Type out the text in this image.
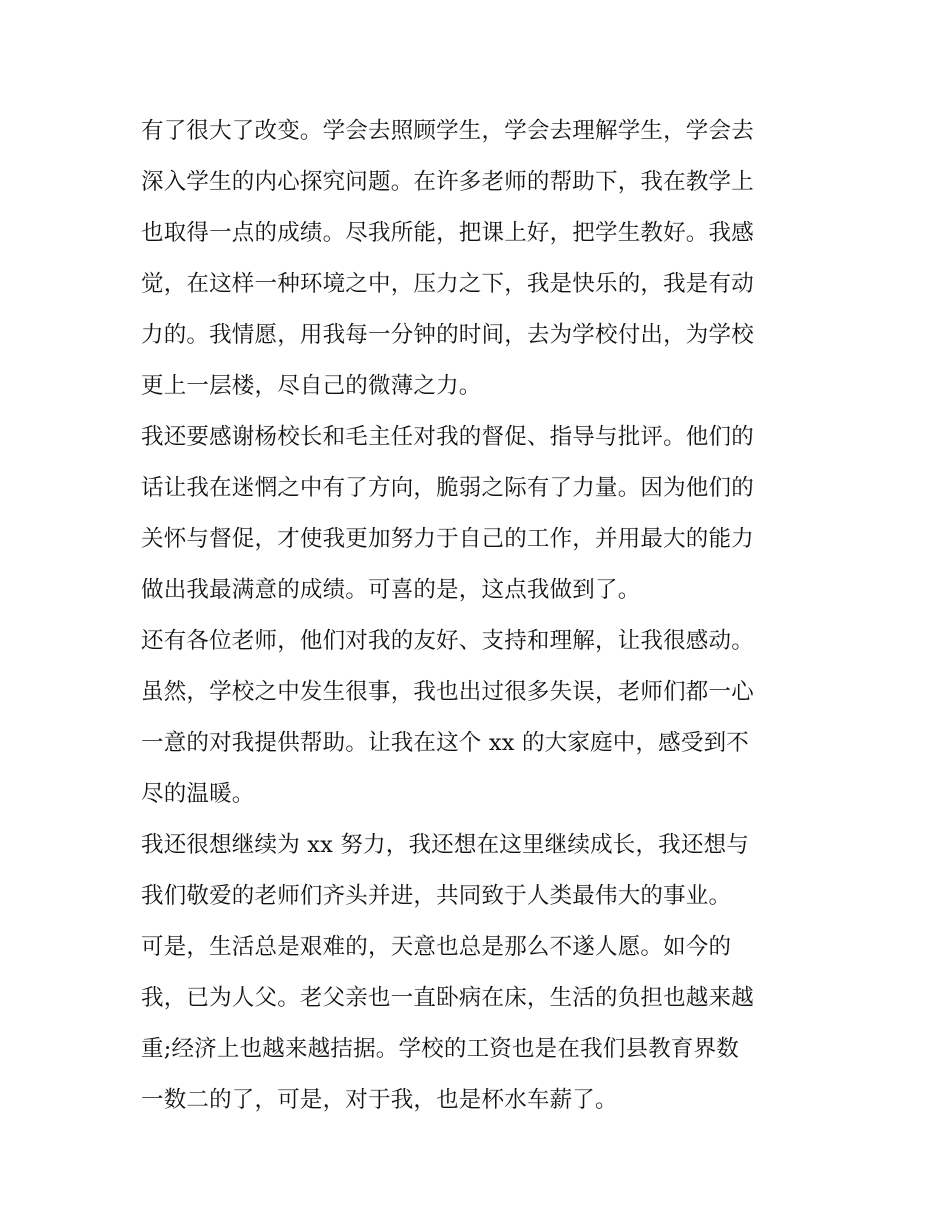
有了很大了改变。学会去照顾学生，学会去理解学生，学会去
深入学生的内心探究问题。在许多老师的帮助下，我在教学上
也取得一点的成绩。尽我所能，把课上好，把学生教好。我感
觉，在这样一种环境之中，压力之下，我是快乐的，我是有动
力的。我情愿，用我每一分钟的时间，去为学校付出，为学校
更上一层楼，尽自己的微薄之力。
我还要感谢杨校长和毛主任对我的督促、指导与批评。他们的
话让我在迷惘之中有了方向，脆弱之际有了力量。因为他们的
关怀与督促，才使我更加努力于自己的工作，并用最大的能力
做出我最满意的成绩。可喜的是，这点我做到了。
还有各位老师，他们对我的友好、支持和理解，让我很感动。
虽然，学校之中发生很事，我也出过很多失误，老师们都一心
一意的对我提供帮助。让我在这个 xx 的大家庭中，感受到不
尽的温暖。
我还很想继续为 xx 努力，我还想在这里继续成长，我还想与
我们敬爱的老师们齐头并进，共同致于人类最伟大的事业。
可是，生活总是艰难的，天意也总是那么不遂人愿。如今的
我，已为人父。老父亲也一直卧病在床，生活的负担也越来越
重;经济上也越来越拮据。学校的工资也是在我们县教育界数
一数二的了，可是，对于我，也是杯水车薪了。
